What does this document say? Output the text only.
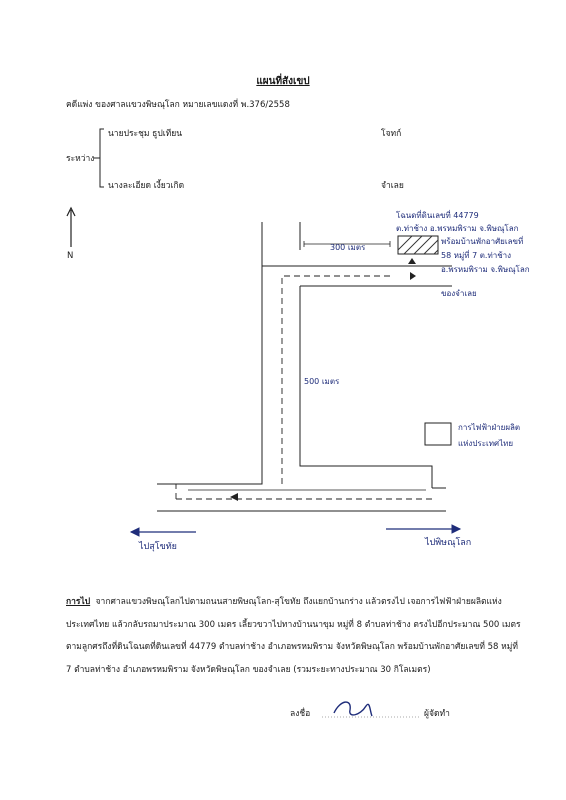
แผนที่สังเขป
คดีแพ่ง ของศาลแขวงพิษณุโลก หมายเลขแดงที่ พ.376/2558
ระหว่าง
นายประชุม ธูปเทียน	โจทก์
นางละเอียด เงี้ยวเกิด	จำเลย
โฉนดที่ดินเลขที่ 44779
ต.ท่าช้าง อ.พรหมพิราม จ.พิษณุโลก
พร้อมบ้านพักอาศัยเลขที่
58 หมู่ที่ 7 ต.ท่าช้าง
อ.พรหมพิราม จ.พิษณุโลก
ของจำเลย
300 เมตร
500 เมตร
การไฟฟ้าฝ่ายผลิต
แห่งประเทศไทย
ไปสุโขทัย	ไปพิษณุโลก
N
การไป จากศาลแขวงพิษณุโลกไปตามถนนสายพิษณุโลก-สุโขทัย ถึงแยกบ้านกร่าง แล้วตรงไป เจอการไฟฟ้าฝ่ายผลิตแห่งประเทศไทย แล้วกลับรถมาประมาณ 300 เมตร เลี้ยวขวาไปทางบ้านนาขุม หมู่ที่ 8 ตำบลท่าช้าง ตรงไปอีกประมาณ 500 เมตร ตามลูกศรถึงที่ดินโฉนดที่ดินเลขที่ 44779 ตำบลท่าช้าง อำเภอพรหมพิราม จังหวัดพิษณุโลก พร้อมบ้านพักอาศัยเลขที่ 58 หมู่ที่ 7 ตำบลท่าช้าง อำเภอพรหมพิราม จังหวัดพิษณุโลก ของจำเลย (รวมระยะทางประมาณ 30 กิโลเมตร)
ลงชื่อ	ผู้จัดทำ
